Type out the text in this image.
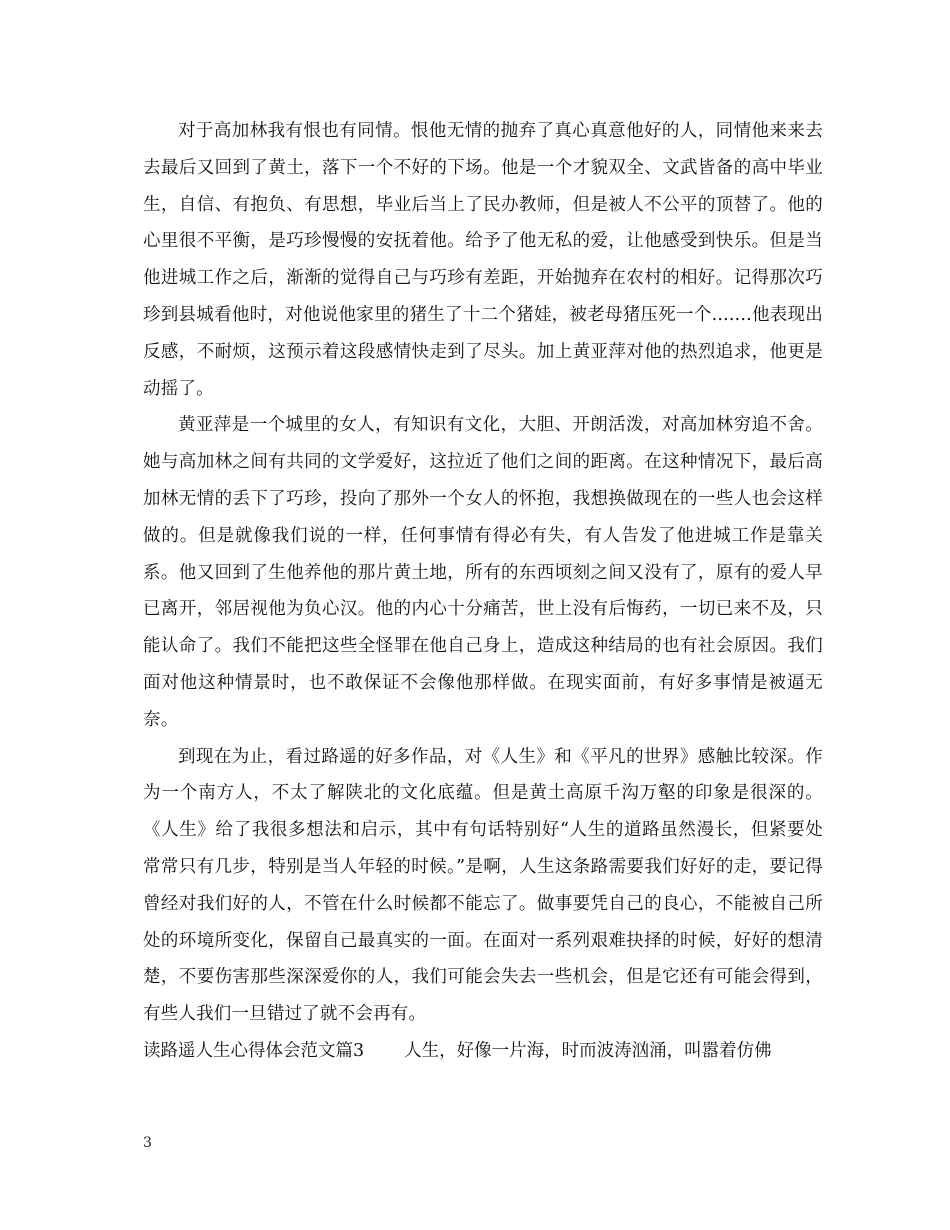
对于高加林我有恨也有同情。恨他无情的抛弃了真心真意他好的人，同情他来来去去最后又回到了黄土，落下一个不好的下场。他是一个才貌双全、文武皆备的高中毕业生，自信、有抱负、有思想，毕业后当上了民办教师，但是被人不公平的顶替了。他的心里很不平衡，是巧珍慢慢的安抚着他。给予了他无私的爱，让他感受到快乐。但是当他进城工作之后，渐渐的觉得自己与巧珍有差距，开始抛弃在农村的相好。记得那次巧珍到县城看他时，对他说他家里的猪生了十二个猪娃，被老母猪压死一个.......他表现出反感，不耐烦，这预示着这段感情快走到了尽头。加上黄亚萍对他的热烈追求，他更是动摇了。

黄亚萍是一个城里的女人，有知识有文化，大胆、开朗活泼，对高加林穷追不舍。她与高加林之间有共同的文学爱好，这拉近了他们之间的距离。在这种情况下，最后高加林无情的丢下了巧珍，投向了那外一个女人的怀抱，我想换做现在的一些人也会这样做的。但是就像我们说的一样，任何事情有得必有失，有人告发了他进城工作是靠关系。他又回到了生他养他的那片黄土地，所有的东西顷刻之间又没有了，原有的爱人早已离开，邻居视他为负心汉。他的内心十分痛苦，世上没有后悔药，一切已来不及，只能认命了。我们不能把这些全怪罪在他自己身上，造成这种结局的也有社会原因。我们面对他这种情景时，也不敢保证不会像他那样做。在现实面前，有好多事情是被逼无奈。

到现在为止，看过路遥的好多作品，对《人生》和《平凡的世界》感触比较深。作为一个南方人，不太了解陕北的文化底蕴。但是黄土高原千沟万壑的印象是很深的。《人生》给了我很多想法和启示，其中有句话特别好“人生的道路虽然漫长，但紧要处常常只有几步，特别是当人年轻的时候。”是啊，人生这条路需要我们好好的走，要记得曾经对我们好的人，不管在什么时候都不能忘了。做事要凭自己的良心，不能被自己所处的环境所变化，保留自己最真实的一面。在面对一系列艰难抉择的时候，好好的想清楚，不要伤害那些深深爱你的人，我们可能会失去一些机会，但是它还有可能会得到，有些人我们一旦错过了就不会再有。

读路遥人生心得体会范文篇3 人生，好像一片海，时而波涛汹涌，叫嚣着仿佛

3
